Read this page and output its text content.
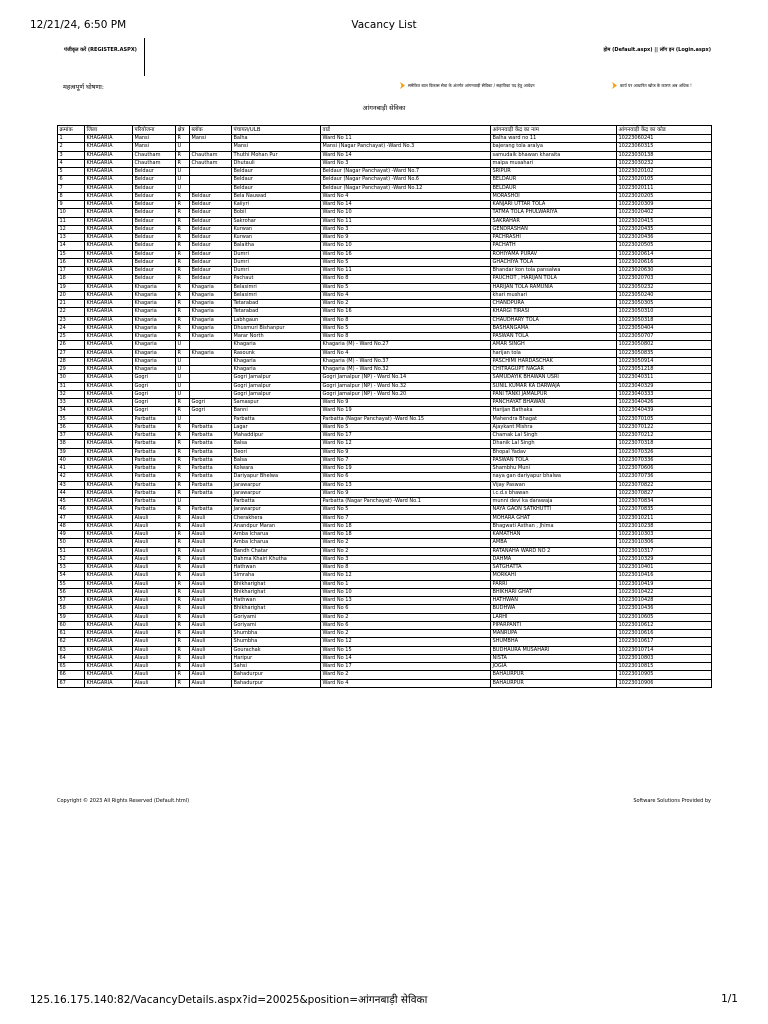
12/21/24, 6:50 PM	Vacancy List
पंजीकृत करें (REGISTER.ASPX)	होम (Default.aspx) || लॉग इन (Login.aspx)
महत्वपूर्ण घोषणा:	समेकित बाल विकास सेवा के अंतर्गत आंगनवाड़ी सेविका / सहायिका पद हेतु आवेदन	कार्य पर आधारित खोज के कारण अब अधिक !
आंगनबाड़ी सेविका
क्रमांक	जिला	परियोजना	क्षेत्र	ब्लॉक	पंचायत/ULB	वार्ड	आंगनवाड़ी केंद्र का नाम	आंगनवाड़ी केंद्र का कोड
1	KHAGARIA	Mansi	R	Mansi	Balha	Ward No 11	Balha ward no 11	10223060241
2	KHAGARIA	Mansi	U		Mansi	Mansi (Nagar Panchayat) -Ward No.3	bajerang tola aralya	10223060315
3	KHAGARIA	Chautham	R	Chautham	Thuthi Mohan Pur	Ward No 14	samudaik bhawan kharaita	10223030138
4	KHAGARIA	Chautham	R	Chautham	Dhutauli	Ward No 3	maipa musahari	10223030232
5	KHAGARIA	Beldaur	U		Beldaur	Beldaur (Nagar Panchayat) -Ward No.7	SRIPUR	10223020102
6	KHAGARIA	Beldaur	U		Beldaur	Beldaur (Nagar Panchayat) -Ward No.6	BELDAUR	10223020105
7	KHAGARIA	Beldaur	U		Beldaur	Beldaur (Nagar Panchayat) -Ward No.12	BELDAUR	10223020111
8	KHAGARIA	Beldaur	R	Beldaur	Bela Nauwad	Ward No 4	MORASHOI	10223020205
9	KHAGARIA	Beldaur	R	Beldaur	Kaiiyri	Ward No 14	KANJARI UTTAR TOLA	10223020309
10	KHAGARIA	Beldaur	R	Beldaur	Bobil	Ward No 10	TATMA TOLA PHULWARIYA	10223020402
11	KHAGARIA	Beldaur	R	Beldaur	Sakrohar	Ward No 11	SAKRAHAR	10223020415
12	KHAGARIA	Beldaur	R	Beldaur	Kurwan	Ward No 3	GENDRASHAN	10223020435
13	KHAGARIA	Beldaur	R	Beldaur	Kurwan	Ward No 9	PACHRASHI	10223020436
14	KHAGARIA	Beldaur	R	Beldaur	Balaitha	Ward No 10	PACHATH	10223020505
15	KHAGARIA	Beldaur	R	Beldaur	Dumri	Ward No 16	ROHIYAMA PURAV	10223020614
16	KHAGARIA	Beldaur	R	Beldaur	Dumri	Ward No 5	GHACHIYA TOLA	10223020616
17	KHAGARIA	Beldaur	R	Beldaur	Dumri	Ward No 11	Bhandar kon tola pansalwa	10223020630
18	KHAGARIA	Beldaur	R	Beldaur	Pachaut	Ward No 8	PAUCHOT , HARIJAN TOLA	10223020703
19	KHAGARIA	Khagaria	R	Khagaria	Belasimri	Ward No 5	HARIJAN TOLA RAMUNIA	10223050232
20	KHAGARIA	Khagaria	R	Khagaria	Belasimri	Ward No 4	khari mushari	10223050240
21	KHAGARIA	Khagaria	R	Khagaria	Tetarabad	Ward No 2	CHANDPURA	10223050305
22	KHAGARIA	Khagaria	R	Khagaria	Tetarabad	Ward No 16	KHARGI TIRASI	10223050310
23	KHAGARIA	Khagaria	R	Khagaria	Labhgaun	Ward No 8	CHAUDHARY TOLA	10223050318
24	KHAGARIA	Khagaria	R	Khagaria	Dhusmuri Bishanpur	Ward No 5	BASHANGAMA	10223050404
25	KHAGARIA	Khagaria	R	Khagaria	Marar North	Ward No 8	PASWAN TOLA	10223050707
26	KHAGARIA	Khagaria	U		Khagaria	Khagaria (M) - Ward No.27	AMAR SINGH	10223050802
27	KHAGARIA	Khagaria	R	Khagaria	Rasounk	Ward No 4	harijan tola	10223050835
28	KHAGARIA	Khagaria	U		Khagaria	Khagaria (M) - Ward No.37	PASCHIMI HARDASCHAK	10223050914
29	KHAGARIA	Khagaria	U		Khagaria	Khagaria (M) - Ward No.32	CHITRAGUPT NAGAR	10223051218
30	KHAGARIA	Gogri	U		Gogri Jamalpur	Gogri Jamalpur (NP) - Ward No.14	SAMUDAYIK BHAWAN USRI	10223040311
31	KHAGARIA	Gogri	U		Gogri Jamalpur	Gogri Jamalpur (NP) - Ward No.32	SUNIL KUMAR KA DARWAJA	10223040329
32	KHAGARIA	Gogri	U		Gogri Jamalpur	Gogri Jamalpur (NP) - Ward No.20	PANI TANKI JAMALPUR	10223040333
33	KHAGARIA	Gogri	R	Gogri	Samaspur	Ward No 9	PANCHAYAT BHAWAN	10223040426
34	KHAGARIA	Gogri	R	Gogri	Banni	Ward No 19	Harijan Bathaka	10223040439
35	KHAGARIA	Parbatta	U		Parbatta	Parbatta (Nagar Panchayat) -Ward No.15	Mahendra Bhagat	10223070105
36	KHAGARIA	Parbatta	R	Parbatta	Lagar	Ward No 5	Ajaykant Mishra	10223070122
37	KHAGARIA	Parbatta	R	Parbatta	Mahaddipur	Ward No 17	Chamak Lal Singh	10223070212
38	KHAGARIA	Parbatta	R	Parbatta	Balsa	Ward No 12	Dhanik Lal Singh	10223070318
39	KHAGARIA	Parbatta	R	Parbatta	Deori	Ward No 9	Bhopal Yadav	10223070326
40	KHAGARIA	Parbatta	R	Parbatta	Balsa	Ward No 7	PASWAN TOLA	10223070336
41	KHAGARIA	Parbatta	R	Parbatta	Kolwara	Ward No 19	Shambhu Muni	10223070606
42	KHAGARIA	Parbatta	R	Parbatta	Dariyapur Bhelwa	Ward No 6	naya gan dariyapur bhalwa	10223070736
43	KHAGARIA	Parbatta	R	Parbatta	Jarawarpur	Ward No 13	Vijay Paswan	10223070822
44	KHAGARIA	Parbatta	R	Parbatta	Jarawarpur	Ward No 9	i.c.d.s bhawan	10223070827
45	KHAGARIA	Parbatta	U		Parbatta	Parbatta (Nagar Panchayat) -Ward No.1	munni devi ka darawaja	10223070834
46	KHAGARIA	Parbatta	R	Parbatta	Jarawarpur	Ward No 5	NAYA GAON SATKHUTTI	10223070835
47	KHAGARIA	Alauli	R	Alauli	Cherakhera	Ward No 7	MOHARA GHAT	10223010211
48	KHAGARIA	Alauli	R	Alauli	Anandpur Maran	Ward No 18	Bhagwati Asthan , Jhima	10223010238
49	KHAGARIA	Alauli	R	Alauli	Amba Icharua	Ward No 18	KAMATHAN	10223010303
50	KHAGARIA	Alauli	R	Alauli	Amba Icharua	Ward No 2	AMBA	10223010306
51	KHAGARIA	Alauli	R	Alauli	Bandh Chatar	Ward No 2	RATANAHA WARD NO 2	10223010317
52	KHAGARIA	Alauli	R	Alauli	Dahma Khairi Khutha	Ward No 3	DAHMA	10223010329
53	KHAGARIA	Alauli	R	Alauli	Hathwan	Ward No 8	SATGHATTA	10223010401
54	KHAGARIA	Alauli	R	Alauli	Simraha	Ward No 12	MORKAHI	10223010416
55	KHAGARIA	Alauli	R	Alauli	Bhikharighat	Ward No 1	PARRI	10223010419
56	KHAGARIA	Alauli	R	Alauli	Bhikharighat	Ward No 10	BHIKHARI GHAT	10223010422
57	KHAGARIA	Alauli	R	Alauli	Hathwan	Ward No 13	HATHWAN	10223010428
58	KHAGARIA	Alauli	R	Alauli	Bhikharighat	Ward No 6	BUDHWA	10223010436
59	KHAGARIA	Alauli	R	Alauli	Goriyami	Ward No 2	LARHI	10223010605
60	KHAGARIA	Alauli	R	Alauli	Goriyami	Ward No 6	PIPARPANTI	10223010612
61	KHAGARIA	Alauli	R	Alauli	Shumbha	Ward No 2	MANRUPA	10223010616
62	KHAGARIA	Alauli	R	Alauli	Shumbha	Ward No 12	SHUMBHA	10223010617
63	KHAGARIA	Alauli	R	Alauli	Gourachak	Ward No 15	BUDHAURA MUSAHARI	10223010714
64	KHAGARIA	Alauli	R	Alauli	Haripur	Ward No 14	NISTA	10223010803
65	KHAGARIA	Alauli	R	Alauli	Sahsi	Ward No 17	JOGIA	10223010815
66	KHAGARIA	Alauli	R	Alauli	Bahadurpur	Ward No 2	BAHAURPUR	10223010905
67	KHAGARIA	Alauli	R	Alauli	Bahadurpur	Ward No 4	BAHAURPUR	10223010906
Copyright © 2023 All Rights Reserved (Default.html)	Software Solutions Provided by
125.16.175.140:82/VacancyDetails.aspx?id=20025&position=आंगनबाड़ी सेविका	1/1
